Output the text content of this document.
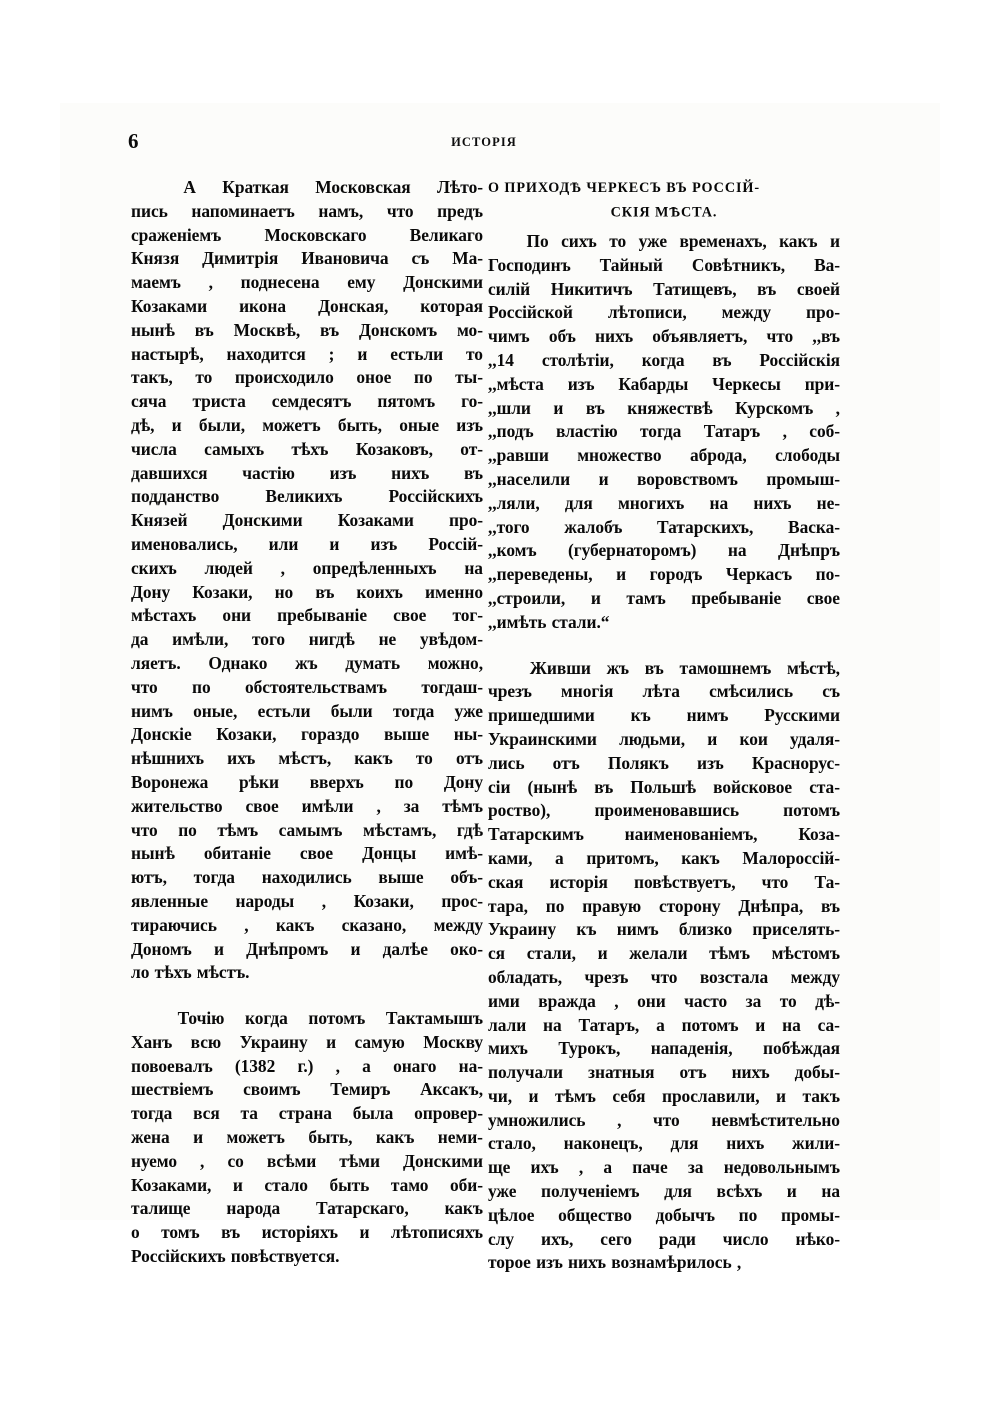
6	ИСТОРІЯ
А Краткая Московская Лѣто-
пись напоминаетъ намъ, что предъ
сраженіемъ Московскаго Великаго
Князя Димитрія Ивановича съ Ма-
маемъ , поднесена ему Донскими
Козаками икона Донская, которая
нынѣ въ Москвѣ, въ Донскомъ мо-
настырѣ, находится ; и естьли то
такъ, то происходило оное по ты-
сяча триста семдесятъ пятомъ го-
дѣ, и были, можетъ быть, оные изъ
числа самыхъ тѣхъ Козаковъ, от-
давшихся частію изъ нихъ въ
подданство	Великихъ	Россійскихъ
Князей Донскими Козаками про-
именовались, или и изъ Россій-
скихъ людей , опредѣленныхъ на
Дону Козаки, но въ коихъ именно
мѣстахъ они пребываніе свое тог-
да имѣли, того нигдѣ не увѣдом-
ляетъ. Однако жъ думать можно,
что по обстоятельствамъ тогдаш-
нимъ оные, естьли были тогда уже
Донскіе Козаки, гораздо выше ны-
нѣшнихъ ихъ мѣстъ, какъ то отъ
Воронежа рѣки вверхъ по Дону
жительство свое имѣли , за тѣмъ
что по тѣмъ самымъ мѣстамъ, гдѣ
нынѣ обитаніе свое Донцы имѣ-
ютъ, тогда находились выше объ-
явленные народы , Козаки, прос-
тираючись , какъ сказано, между
Дономъ и Днѣпромъ и далѣе око-
ло тѣхъ мѣстъ.
Точію когда потомъ Тактамышъ
Ханъ всю Украину и самую Москву
повоевалъ (1382 г.) , а онаго на-
шествіемъ своимъ Темиръ Аксакъ,
тогда вся та страна была опровер-
жена и можетъ быть, какъ неми-
нуемо , со всѣми тѣми Донскими
Козаками, и стало быть тамо оби-
талище народа Татарскаго, какъ
о томъ въ исторіяхъ и лѣтописяхъ
Россійскихъ повѣствуется.
О ПРИХОДѢ ЧЕРКЕСЪ ВЪ РОССІЙ-
СКІЯ МѢСТА.
По сихъ то уже временахъ, какъ и
Господинъ Тайный Совѣтникъ, Ва-
силій Никитичъ Татищевъ, въ своей
Россійской лѣтописи, между про-
чимъ объ нихъ объявляетъ, что ,,въ
,,14 столѣтіи, когда въ Россійскія
,,мѣста изъ Кабарды Черкесы при-
,,шли и въ княжествѣ Курскомъ ,
,,подъ властію тогда Татаръ , соб-
,,равши множество аброда, слободы
,,населили и воровствомъ промыш-
,,ляли, для многихъ на нихъ не-
,,того жалобъ Татарскихъ, Васка-
,,комъ (губернаторомъ) на Днѣпръ
,,переведены, и городъ Черкасъ по-
,,строили, и тамъ пребываніе свое
,,имѣть стали.“
Живши жъ въ тамошнемъ мѣстѣ,
чрезъ многія лѣта смѣсились съ
пришедшими къ нимъ Русскими
Украинскими людьми, и кои удаля-
лись отъ Полякъ изъ Краснорус-
сіи (нынѣ въ Польшѣ войсковое ста-
роство),	проименовавшись	потомъ
Татарскимъ наименованіемъ, Коза-
ками, а притомъ, какъ Малороссій-
ская исторія повѣствуетъ, что Та-
тара, по правую сторону Днѣпра, въ
Украину къ нимъ близко приселять-
ся стали, и желали тѣмъ мѣстомъ
обладать, чрезъ что возстала между
ими вражда , они часто за то дѣ-
лали на Татаръ, а потомъ и на са-
михъ Турокъ, нападенія, побѣждая
получали знатныя отъ нихъ добы-
чи, и тѣмъ себя прославили, и такъ
умножились , что невмѣстительно
стало, наконецъ, для нихъ жили-
ще ихъ , а паче за недовольнымъ
уже полученіемъ для всѣхъ и на
цѣлое общество добычъ по промы-
слу ихъ, сего ради число нѣко-
торое изъ нихъ вознамѣрилось ,
